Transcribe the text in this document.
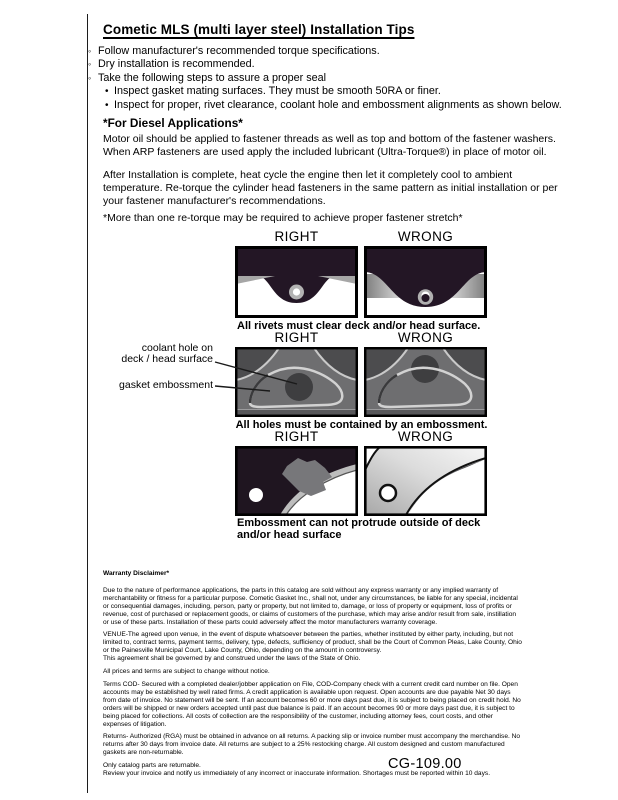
Cometic MLS (multi layer steel) Installation Tips
◦ Follow manufacturer's recommended torque specifications.
◦ Dry installation is recommended.
◦ Take the following steps to assure a proper seal
• Inspect gasket mating surfaces. They must be smooth 50RA or finer.
• Inspect for proper, rivet clearance, coolant hole and embossment alignments as shown below.
*For Diesel Applications*
Motor oil should be applied to fastener threads as well as top and bottom of the fastener washers. When ARP fasteners are used apply the included lubricant (Ultra-Torque®) in place of motor oil.
After Installation is complete, heat cycle the engine then let it completely cool to ambient temperature. Re-torque the cylinder head fasteners in the same pattern as initial installation or per your fastener manufacturer's recommendations.
*More than one re-torque may be required to achieve proper fastener stretch*
RIGHT	WRONG
All rivets must clear deck and/or head surface.
RIGHT	WRONG
coolant hole on
deck / head surface
gasket embossment
All holes must be contained by an embossment.
RIGHT	WRONG
Embossment can not protrude outside of deck
and/or head surface
Warranty Disclaimer*
Due to the nature of performance applications, the parts in this catalog are sold without any express warranty or any implied warranty of merchantability or fitness for a particular purpose. Cometic Gasket Inc., shall not, under any circumstances, be liable for any special, incidental or consequential damages, including, person, party or property, but not limited to, damage, or loss of property or equipment, loss of profits or revenue, cost of purchased or replacement goods, or claims of customers of the purchase, which may arise and/or result from sale, instillation or use of these parts. Installation of these parts could adversely affect the motor manufacturers warranty coverage.
VENUE-The agreed upon venue, in the event of dispute whatsoever between the parties, whether instituted by either party, including, but not limited to, contract terms, payment terms, delivery, type, defects, sufficiency of product, shall be the Court of Common Pleas, Lake County, Ohio or the Painesville Municipal Court, Lake County, Ohio, depending on the amount in controversy.
This agreement shall be governed by and construed under the laws of the State of Ohio.
All prices and terms are subject to change without notice.
Terms COD- Secured with a completed dealer/jobber application on File, COD-Company check with a current credit card number on file. Open accounts may be established by well rated firms. A credit application is available upon request. Open accounts are due payable Net 30 days from date of invoice. No statement will be sent. If an account becomes 60 or more days past due, it is subject to being placed on credit hold. No orders will be shipped or new orders accepted until past due balance is paid. If an account becomes 90 or more days past due, it is subject to being placed for collections. All costs of collection are the responsibility of the customer, including attorney fees, court costs, and other expenses of litigation.
Returns- Authorized (RGA) must be obtained in advance on all returns. A packing slip or invoice number must accompany the merchandise. No returns after 30 days from invoice date. All returns are subject to a 25% restocking charge. All custom designed and custom manufactured gaskets are non-returnable.
Only catalog parts are returnable.
Review your invoice and notify us immediately of any incorrect or inaccurate information. Shortages must be reported within 10 days.
CG-109.00
